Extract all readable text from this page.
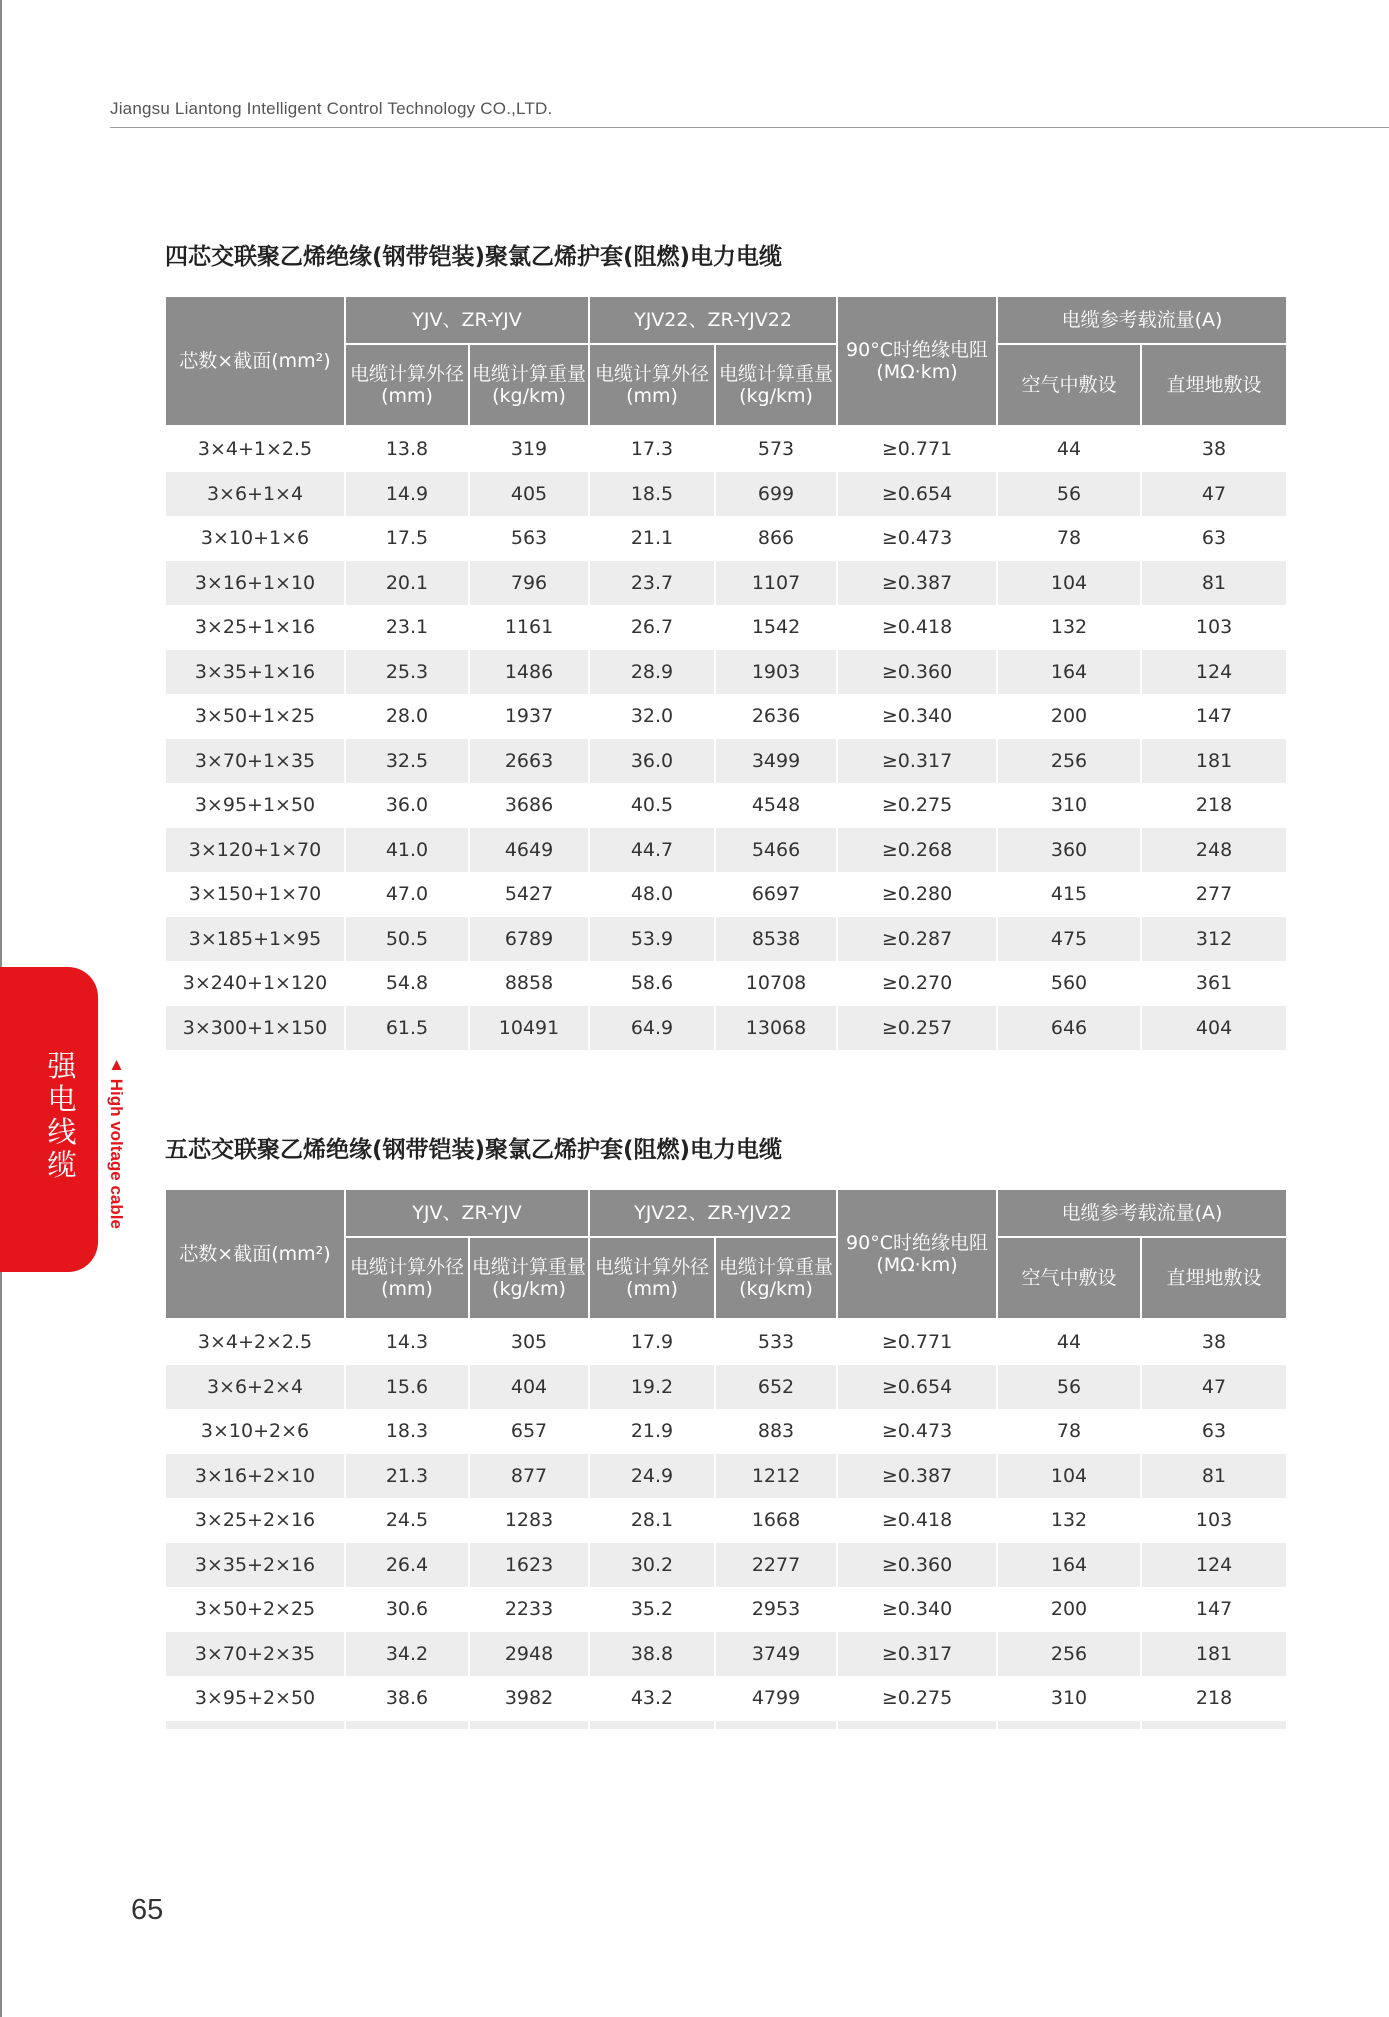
Jiangsu Liantong Intelligent Control Technology CO.,LTD.
四芯交联聚乙烯绝缘(钢带铠装)聚氯乙烯护套(阻燃)电力电缆
芯数×截面(mm²)	YJV、ZR-YJV		YJV22、ZR-YJV22		90°C时绝缘电阻(MΩ·km)	电缆参考载流量(A)	
	电缆计算外径(mm)	电缆计算重量(kg/km)	电缆计算外径(mm)	电缆计算重量(kg/km)		空气中敷设	直埋地敷设
3×4+1×2.5	13.8	319	17.3	573	≥0.771	44	38
3×6+1×4	14.9	405	18.5	699	≥0.654	56	47
3×10+1×6	17.5	563	21.1	866	≥0.473	78	63
3×16+1×10	20.1	796	23.7	1107	≥0.387	104	81
3×25+1×16	23.1	1161	26.7	1542	≥0.418	132	103
3×35+1×16	25.3	1486	28.9	1903	≥0.360	164	124
3×50+1×25	28.0	1937	32.0	2636	≥0.340	200	147
3×70+1×35	32.5	2663	36.0	3499	≥0.317	256	181
3×95+1×50	36.0	3686	40.5	4548	≥0.275	310	218
3×120+1×70	41.0	4649	44.7	5466	≥0.268	360	248
3×150+1×70	47.0	5427	48.0	6697	≥0.280	415	277
3×185+1×95	50.5	6789	53.9	8538	≥0.287	475	312
3×240+1×120	54.8	8858	58.6	10708	≥0.270	560	361
3×300+1×150	61.5	10491	64.9	13068	≥0.257	646	404
五芯交联聚乙烯绝缘(钢带铠装)聚氯乙烯护套(阻燃)电力电缆
芯数×截面(mm²)	YJV、ZR-YJV		YJV22、ZR-YJV22		90°C时绝缘电阻(MΩ·km)	电缆参考载流量(A)	
	电缆计算外径(mm)	电缆计算重量(kg/km)	电缆计算外径(mm)	电缆计算重量(kg/km)		空气中敷设	直埋地敷设
3×4+2×2.5	14.3	305	17.9	533	≥0.771	44	38
3×6+2×4	15.6	404	19.2	652	≥0.654	56	47
3×10+2×6	18.3	657	21.9	883	≥0.473	78	63
3×16+2×10	21.3	877	24.9	1212	≥0.387	104	81
3×25+2×16	24.5	1283	28.1	1668	≥0.418	132	103
3×35+2×16	26.4	1623	30.2	2277	≥0.360	164	124
3×50+2×25	30.6	2233	35.2	2953	≥0.340	200	147
3×70+2×35	34.2	2948	38.8	3749	≥0.317	256	181
3×95+2×50	38.6	3982	43.2	4799	≥0.275	310	218

强电线缆 ▲ High voltage cable
65
